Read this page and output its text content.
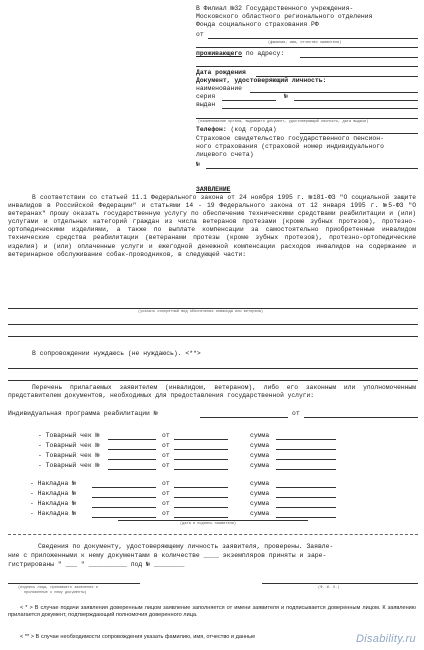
В Филиал №32 Государственного учреждения-
Московского областного регионального отделения
Фонда социального страхования РФ
от
(фамилия, имя, отчество заявителя)
проживающего по адресу:
Дата рождения
Документ, удостоверяющий личность:
наименование
серия	№
выдан
(наименование органа, выдавшего документ, удостоверяющий личность, дата выдачи)
Телефон: (код города)
Страховое свидетельство государственного пенсион-
ного страхования (страховой номер индивидуального
лицевого счета)
№
ЗАЯВЛЕНИЕ
В соответствии со статьей 11.1 Федерального закона от 24 ноября 1995 г. №181-ФЗ "О социальной защите инвалидов в Российской Федерации" и статьями 14 - 19 Федерального закона от 12 января 1995 г. №5-ФЗ "О ветеранах" прошу оказать государственную услугу по обеспечению техническими средствами реабилитации и (или) услугами и отдельных категорий граждан из числа ветеранов протезами (кроме зубных протезов), протезно-ортопедическими изделиями, а также по выплате компенсации за самостоятельно приобретенные инвалидом технические средства реабилитации (ветеранами протезы (кроме зубных протезов), протезно-ортопедические изделия) и (или) оплаченные услуги и ежегодной денежной компенсации расходов инвалидов на содержание и ветеринарное обслуживание собак-проводников, в следующей части:
(указать конкретный вид обеспечения инвалида или ветерана)
В сопровождении нуждаюсь (не нуждаюсь). <**>
Перечень прилагаемых заявителем (инвалидом, ветераном), либо его законным или уполномоченным представителем документов, необходимых для предоставления государственной услуги:
Индивидуальная программа реабилитации №	от
- Товарный чек №	от	сумма
- Товарный чек №	от	сумма
- Товарный чек №	от	сумма
- Товарный чек №	от	сумма
- Накладна №	от	сумма
- Накладна №	от	сумма
- Накладна №	от	сумма
- Накладна №	от	сумма
(дата и подпись заявителя)
Сведения по документу, удостоверяющему личность заявителя, проверены. Заявле-
ние с приложенными к нему документами в количестве ____ экземпляров приняты и заре-
гистрированы " ___ " __________ под № ________
(подпись лица, принявшего заявление и
приложенные к нему документы)
(Ф. И. О.)
< * > В случае подачи заявления доверенным лицом заявление заполняется от имени заявителя и подписывается доверенным лицом. К заявлению прилагается документ, подтверждающий полномочия доверенного лица.
< ** > В случае необходимости сопровождения указать фамилию, имя, отчество и данные	Disability.ru
